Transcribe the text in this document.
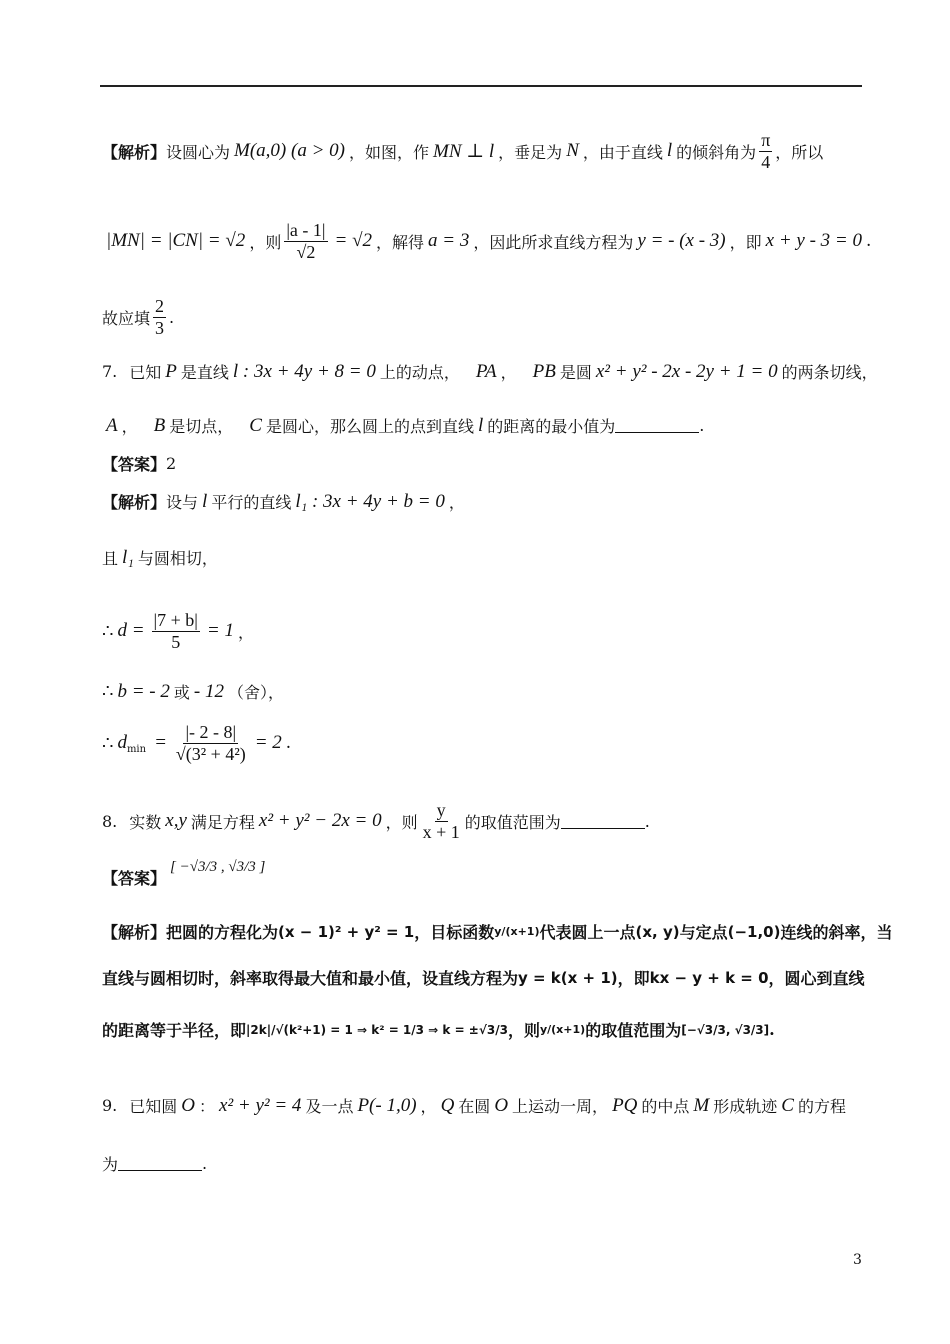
【解析】 设圆心为 M(a,0) (a > 0) ，如图，作 MN ⊥ l ，垂足为 N ，由于直线 l 的倾斜角为 $\frac{\pi}{4}$ ，所以
|MN| = |CN| = √2 ，则 $\frac{|a - 1|}{√2} = √2$ ，解得 a = 3 ，因此所求直线方程为 y = - (x - 3) ，即 x + y - 3 = 0 .
故应填 $\frac{2}{3}$ .
7. 已知 P 是直线 l : 3x + 4y + 8 = 0 上的动点， PA ， PB 是圆 x² + y² - 2x - 2y + 1 = 0 的两条切线，
A ， B 是切点， C 是圆心，那么圆上的点到直线 l 的距离的最小值为	.
【答案】 2
【解析】 设与 l 平行的直线 l₁ : 3x + 4y + b = 0 ，
且 l₁ 与圆相切，
∴ $d = \frac{|7 + b|}{5} = 1$ ，
∴ b = - 2 或 - 12 （舍），
∴ d $\min = \frac{|- 2 - 8|}{\text{√(3² + 4²)}} = 2$ .
8. 实数 x,y 满足方程 x² + y² − 2x = 0 ，则 $\frac{y}{x + 1}$ 的取值范围为	.
【答案】
[ −√3/3 , √3/3 ]
【解析】 把圆的方程化为 (x − 1)² + y² = 1 ，目标函数 y/(x+1) 代表圆上一点 (x, y) 与定点 (−1,0) 连线的斜率，当
直线与圆相切时，斜率取得最大值和最小值，设直线方程为 y = k(x + 1) ，即 kx − y + k = 0 ，圆心到直线
的距离等于半径，即 |2k|/√(k²+1) = 1 ⇒ k² = 1/3 ⇒ k = ±√3/3 ，则 y/(x+1) 的取值范围为 [−√3/3, √3/3] .
9. 已知圆 O ： x² + y² = 4 及一点 P(- 1,0) ， Q 在圆 O 上运动一周， PQ 的中点 M 形成轨迹 C 的方程
为	.
3
